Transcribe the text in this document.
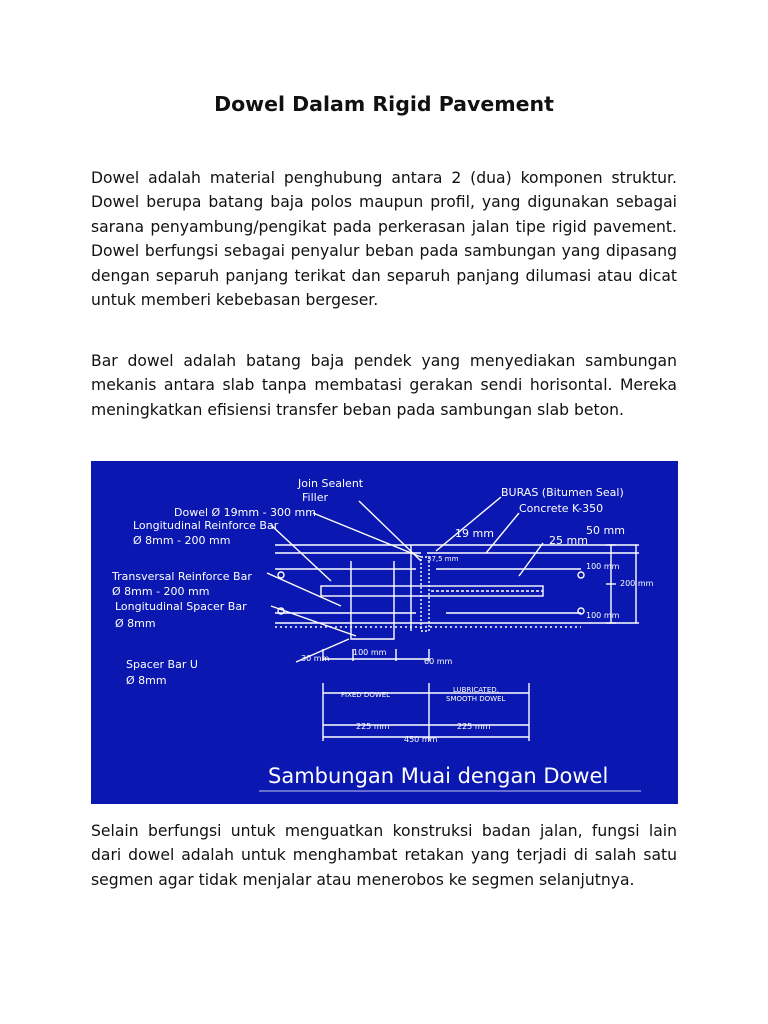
Dowel Dalam Rigid Pavement

Dowel adalah material penghubung antara 2 (dua) komponen struktur. Dowel berupa batang baja polos maupun profil, yang digunakan sebagai sarana penyambung/pengikat pada perkerasan jalan tipe rigid pavement. Dowel berfungsi sebagai penyalur beban pada sambungan yang dipasang dengan separuh panjang terikat dan separuh panjang dilumasi atau dicat untuk memberi kebebasan bergeser.

Bar dowel adalah batang baja pendek yang menyediakan sambungan mekanis antara slab tanpa membatasi gerakan sendi horisontal. Mereka meningkatkan efisiensi transfer beban pada sambungan slab beton.

Join Sealent
Filler
Dowel Ø 19mm - 300 mm
Longitudinal Reinforce Bar
Ø 8mm - 200 mm
Transversal Reinforce Bar
Ø 8mm - 200 mm
Longitudinal Spacer Bar
Ø 8mm
Spacer Bar U
Ø 8mm
BURAS (Bitumen Seal)
Concrete K-350
19 mm	50 mm
25 mm
37,5 mm
100 mm
200 mm
100 mm
100 mm
30 mm	60 mm
FIXED DOWEL
LUBRICATED,
SMOOTH DOWEL
225 mm	225 mm
450 mm
Sambungan Muai dengan Dowel

Selain berfungsi untuk menguatkan konstruksi badan jalan, fungsi lain dari dowel adalah untuk menghambat retakan yang terjadi di salah satu segmen agar tidak menjalar atau menerobos ke segmen selanjutnya.
